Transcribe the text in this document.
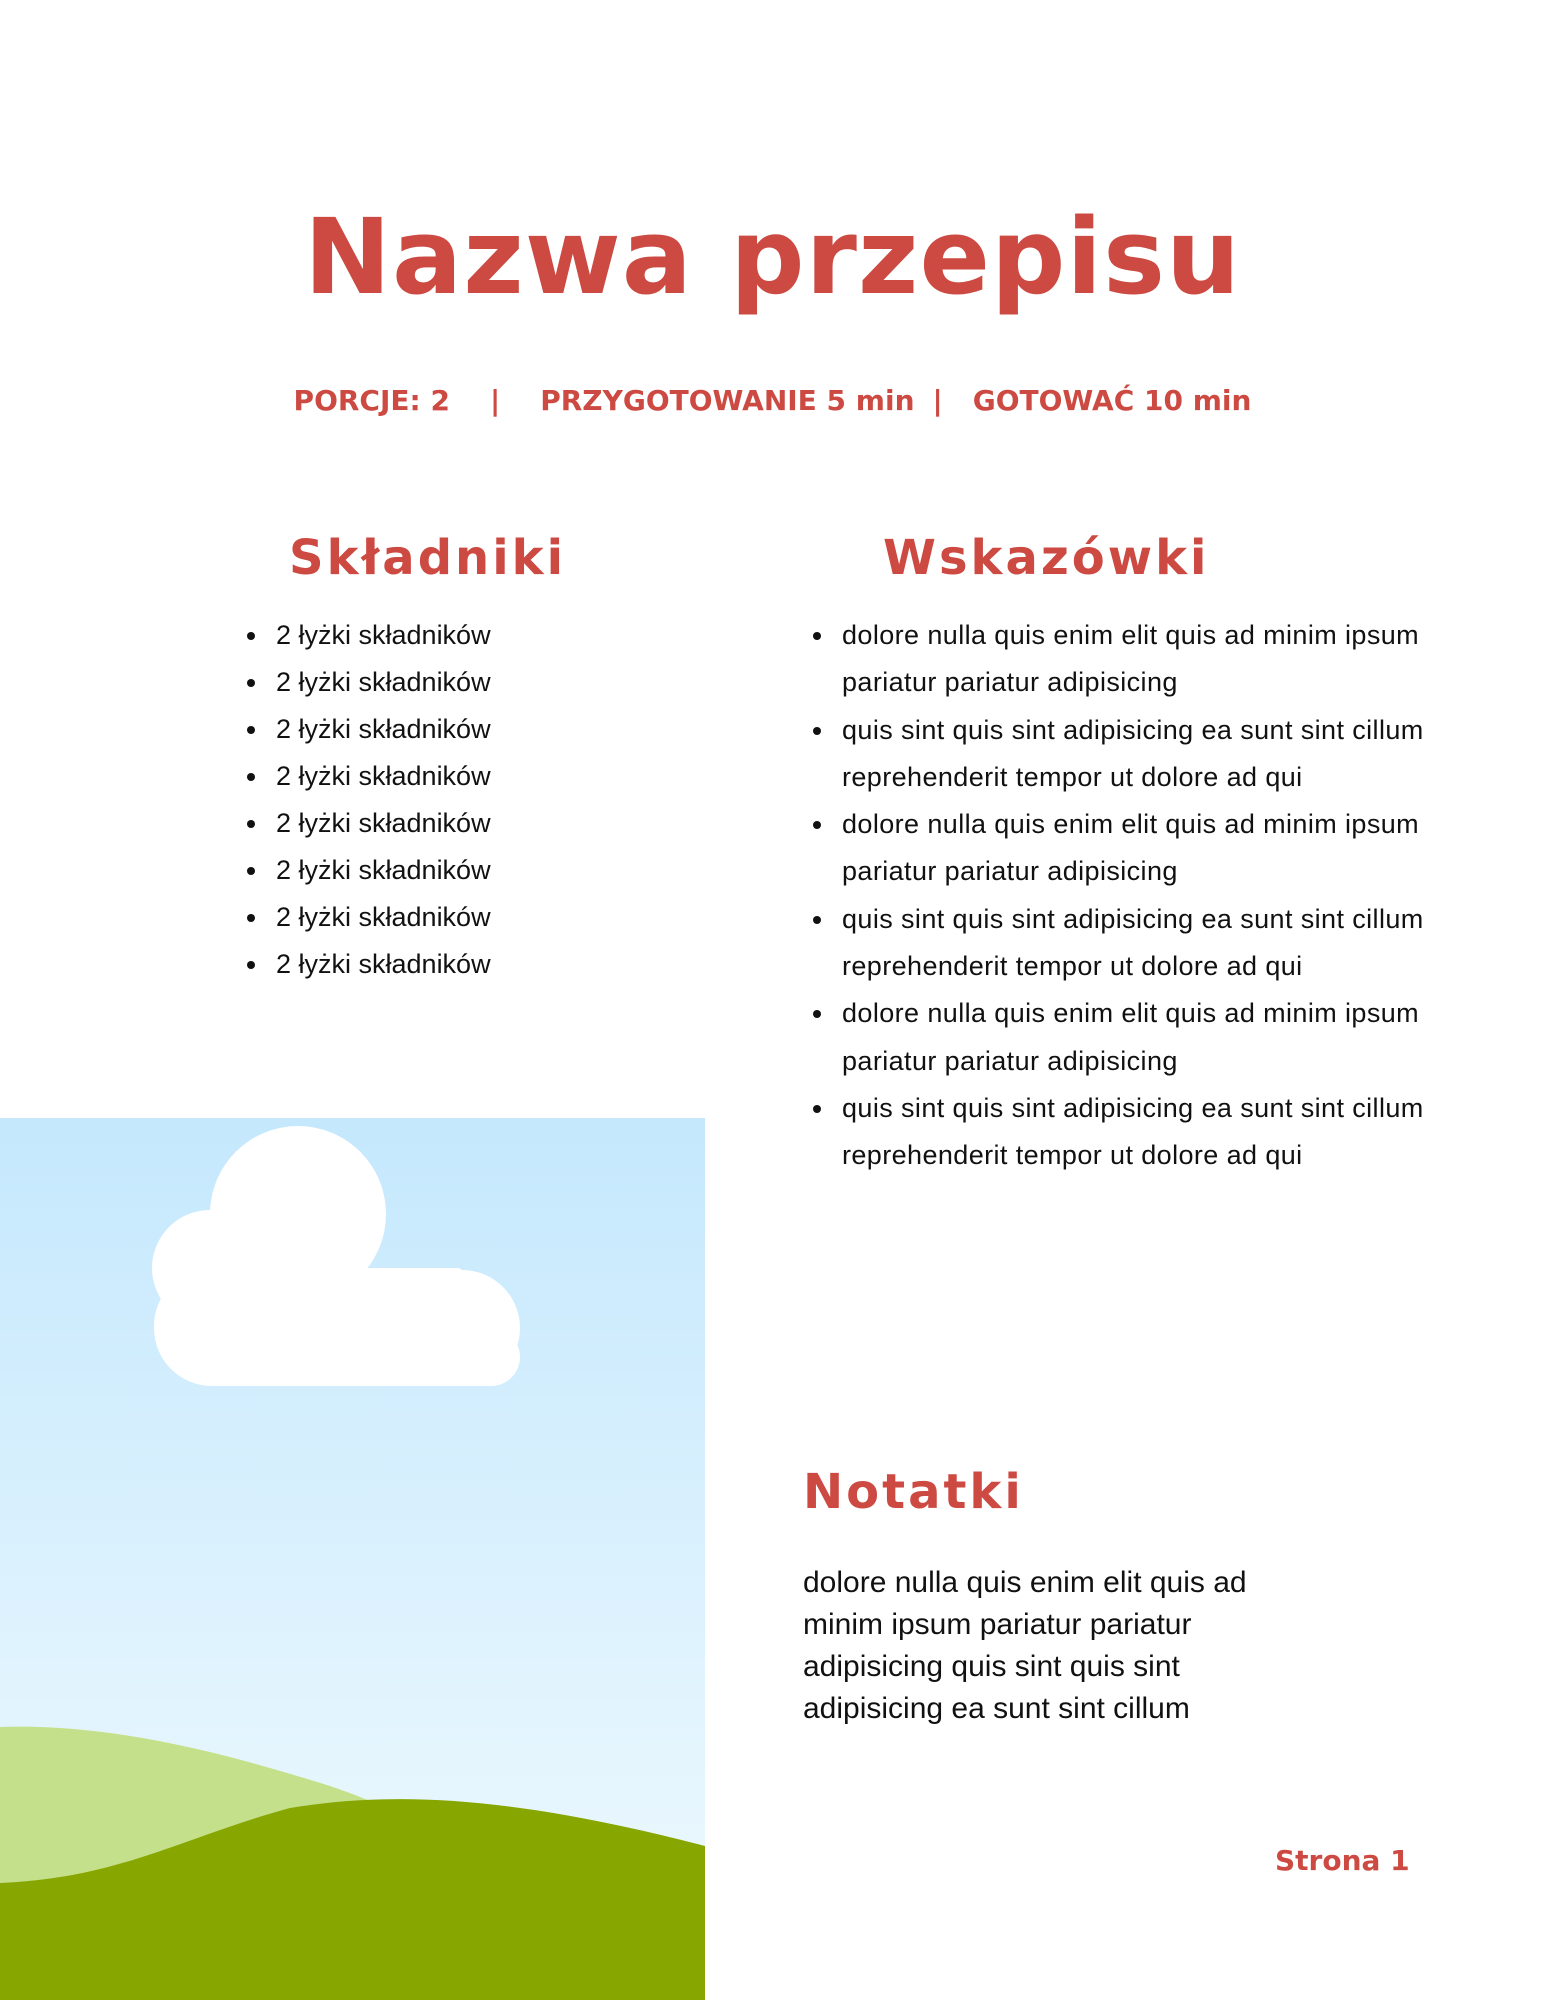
Nazwa przepisu
PORCJE: 2 | PRZYGOTOWANIE 5 min | GOTOWAĆ 10 min
Składniki
• 2 łyżki składników
• 2 łyżki składników
• 2 łyżki składników
• 2 łyżki składników
• 2 łyżki składników
• 2 łyżki składników
• 2 łyżki składników
• 2 łyżki składników
Wskazówki
• dolore nulla quis enim elit quis ad minim ipsum pariatur pariatur adipisicing
• quis sint quis sint adipisicing ea sunt sint cillum reprehenderit tempor ut dolore ad qui
• dolore nulla quis enim elit quis ad minim ipsum pariatur pariatur adipisicing
• quis sint quis sint adipisicing ea sunt sint cillum reprehenderit tempor ut dolore ad qui
• dolore nulla quis enim elit quis ad minim ipsum pariatur pariatur adipisicing
• quis sint quis sint adipisicing ea sunt sint cillum reprehenderit tempor ut dolore ad qui
Notatki

dolore nulla quis enim elit quis ad minim ipsum pariatur pariatur adipisicing quis sint quis sint adipisicing ea sunt sint cillum

Strona 1
